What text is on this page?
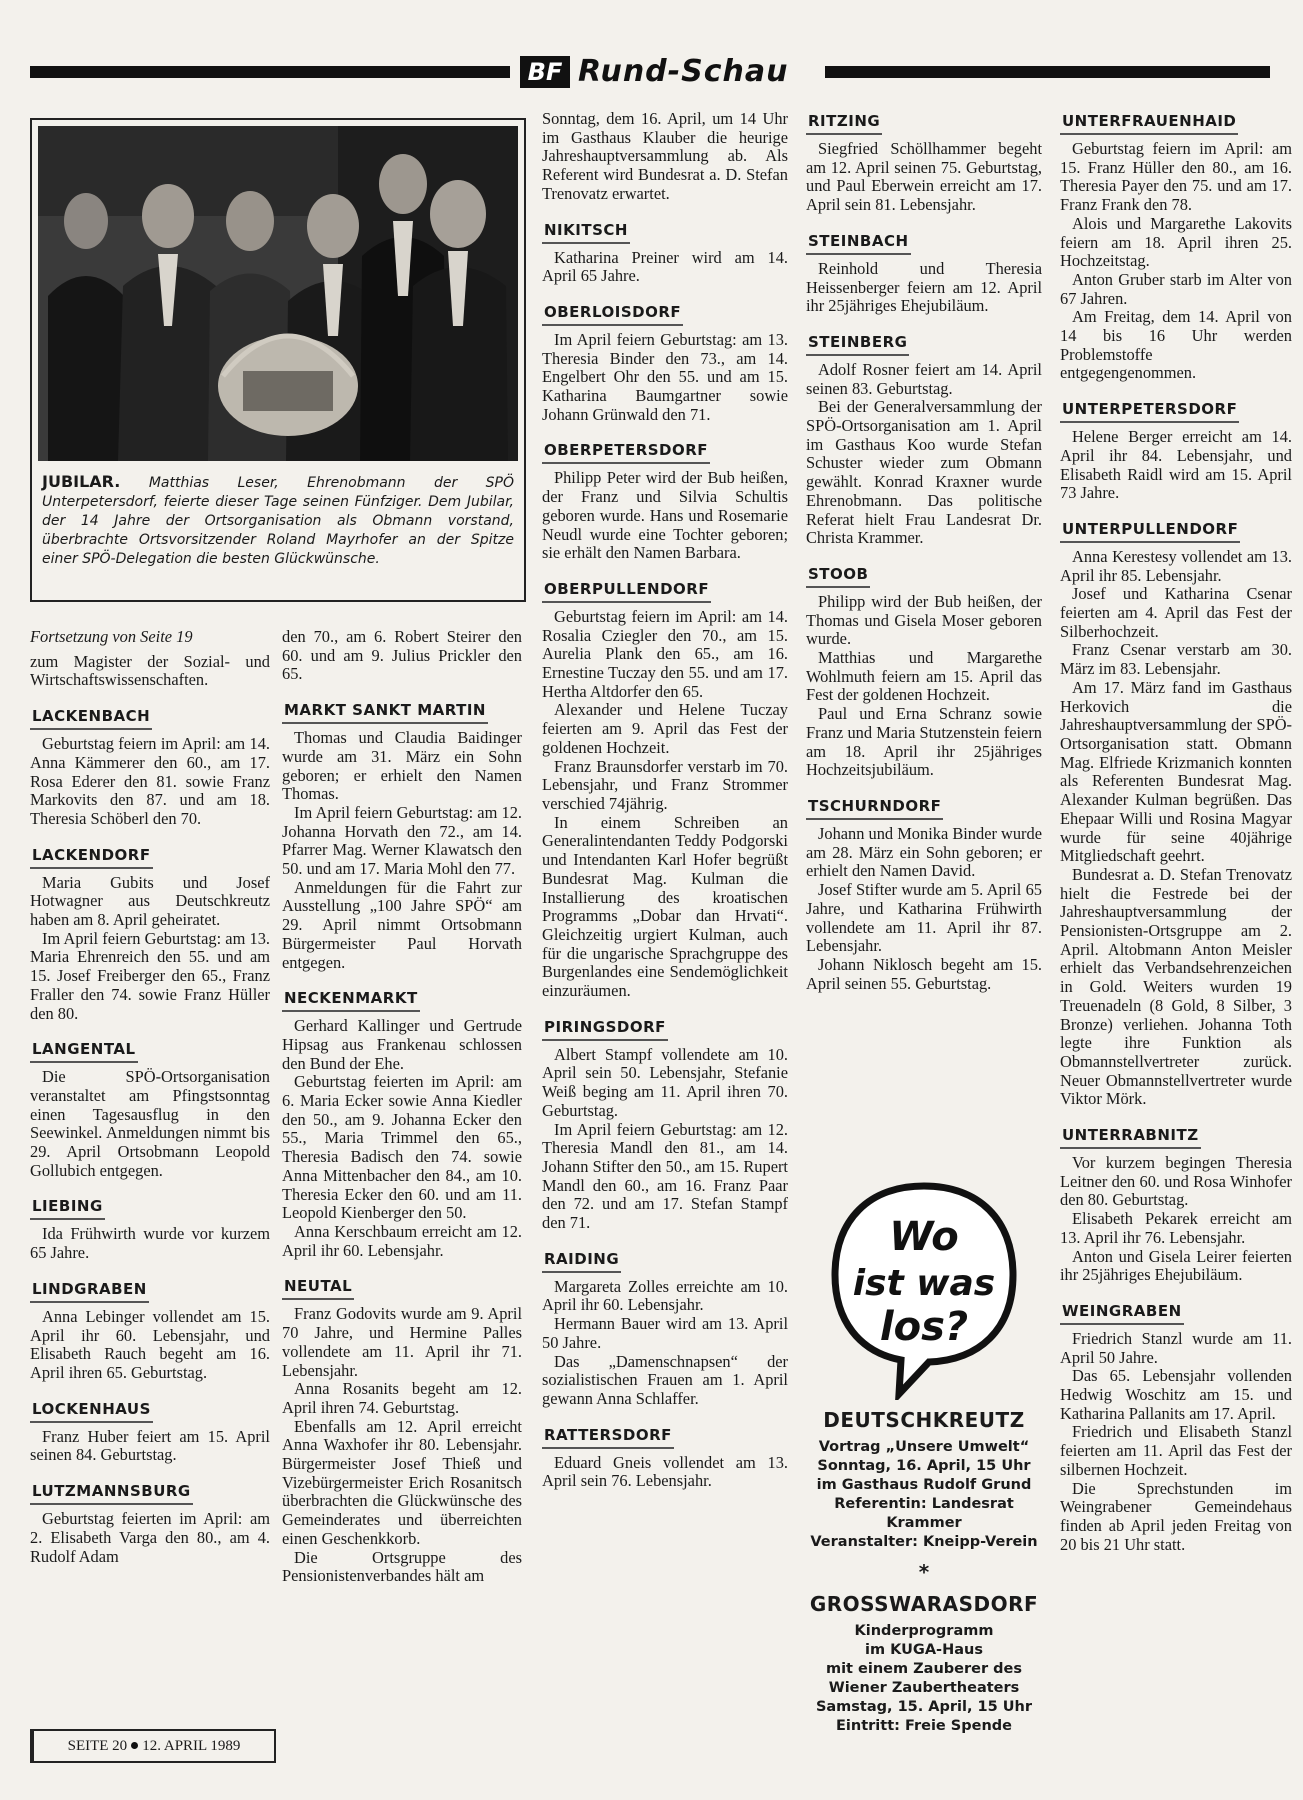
BF Rund-Schau
JUBILAR. Matthias Leser, Ehrenobmann der SPÖ Unterpetersdorf, feierte dieser Tage seinen Fünfziger. Dem Jubilar, der 14 Jahre der Ortsorganisation als Obmann vorstand, überbrachte Ortsvorsitzender Roland Mayrhofer an der Spitze einer SPÖ-Delegation die besten Glückwünsche.

Fortsetzung von Seite 19

zum Magister der Sozial- und Wirtschaftswissenschaften.

LACKENBACH

Geburtstag feiern im April: am 14. Anna Kämmerer den 60., am 17. Rosa Ederer den 81. sowie Franz Markovits den 87. und am 18. Theresia Schöberl den 70.

LACKENDORF

Maria Gubits und Josef Hotwagner aus Deutschkreutz haben am 8. April geheiratet.

Im April feiern Geburtstag: am 13. Maria Ehrenreich den 55. und am 15. Josef Freiberger den 65., Franz Fraller den 74. sowie Franz Hüller den 80.

LANGENTAL

Die SPÖ-Ortsorganisation veranstaltet am Pfingstsonntag einen Tagesausflug in den Seewinkel. Anmeldungen nimmt bis 29. April Ortsobmann Leopold Gollubich entgegen.

LIEBING

Ida Frühwirth wurde vor kurzem 65 Jahre.

LINDGRABEN

Anna Lebinger vollendet am 15. April ihr 60. Lebensjahr, und Elisabeth Rauch begeht am 16. April ihren 65. Geburtstag.

LOCKENHAUS

Franz Huber feiert am 15. April seinen 84. Geburtstag.

LUTZMANNSBURG

Geburtstag feierten im April: am 2. Elisabeth Varga den 80., am 4. Rudolf Adam

SEITE 20 12. APRIL 1989

den 70., am 6. Robert Steirer den 60. und am 9. Julius Prickler den 65.

MARKT SANKT MARTIN

Thomas und Claudia Baidinger wurde am 31. März ein Sohn geboren; er erhielt den Namen Thomas.

Im April feiern Geburtstag: am 12. Johanna Horvath den 72., am 14. Pfarrer Mag. Werner Klawatsch den 50. und am 17. Maria Mohl den 77.

Anmeldungen für die Fahrt zur Ausstellung „100 Jahre SPÖ“ am 29. April nimmt Ortsobmann Bürgermeister Paul Horvath entgegen.

NECKENMARKT

Gerhard Kallinger und Gertrude Hipsag aus Frankenau schlossen den Bund der Ehe.

Geburtstag feierten im April: am 6. Maria Ecker sowie Anna Kiedler den 50., am 9. Johanna Ecker den 55., Maria Trimmel den 65., Theresia Badisch den 74. sowie Anna Mittenbacher den 84., am 10. Theresia Ecker den 60. und am 11. Leopold Kienberger den 50.

Anna Kerschbaum erreicht am 12. April ihr 60. Lebensjahr.

NEUTAL

Franz Godovits wurde am 9. April 70 Jahre, und Hermine Palles vollendete am 11. April ihr 71. Lebensjahr.

Anna Rosanits begeht am 12. April ihren 74. Geburtstag.

Ebenfalls am 12. April erreicht Anna Waxhofer ihr 80. Lebensjahr. Bürgermeister Josef Thieß und Vizebürgermeister Erich Rosanitsch überbrachten die Glückwünsche des Gemeinderates und überreichten einen Geschenkkorb.

Die Ortsgruppe des Pensionistenverbandes hält am

Sonntag, dem 16. April, um 14 Uhr im Gasthaus Klauber die heurige Jahreshauptversammlung ab. Als Referent wird Bundesrat a. D. Stefan Trenovatz erwartet.

NIKITSCH

Katharina Preiner wird am 14. April 65 Jahre.

OBERLOISDORF

Im April feiern Geburtstag: am 13. Theresia Binder den 73., am 14. Engelbert Ohr den 55. und am 15. Katharina Baumgartner sowie Johann Grünwald den 71.

OBERPETERSDORF

Philipp Peter wird der Bub heißen, der Franz und Silvia Schultis geboren wurde. Hans und Rosemarie Neudl wurde eine Tochter geboren; sie erhält den Namen Barbara.

OBERPULLENDORF

Geburtstag feiern im April: am 14. Rosalia Cziegler den 70., am 15. Aurelia Plank den 65., am 16. Ernestine Tuczay den 55. und am 17. Hertha Altdorfer den 65.

Alexander und Helene Tuczay feierten am 9. April das Fest der goldenen Hochzeit.

Franz Braunsdorfer verstarb im 70. Lebensjahr, und Franz Strommer verschied 74jährig.

In einem Schreiben an Generalintendanten Teddy Podgorski und Intendanten Karl Hofer begrüßt Bundesrat Mag. Kulman die Installierung des kroatischen Programms „Dobar dan Hrvati“. Gleichzeitig urgiert Kulman, auch für die ungarische Sprachgruppe des Burgenlandes eine Sendemöglichkeit einzuräumen.

PIRINGSDORF

Albert Stampf vollendete am 10. April sein 50. Lebensjahr, Stefanie Weiß beging am 11. April ihren 70. Geburtstag.

Im April feiern Geburtstag: am 12. Theresia Mandl den 81., am 14. Johann Stifter den 50., am 15. Rupert Mandl den 60., am 16. Franz Paar den 72. und am 17. Stefan Stampf den 71.

RAIDING

Margareta Zolles erreichte am 10. April ihr 60. Lebensjahr.

Hermann Bauer wird am 13. April 50 Jahre.

Das „Damenschnapsen“ der sozialistischen Frauen am 1. April gewann Anna Schlaffer.

RATTERSDORF

Eduard Gneis vollendet am 13. April sein 76. Lebensjahr.

RITZING

Siegfried Schöllhammer begeht am 12. April seinen 75. Geburtstag, und Paul Eberwein erreicht am 17. April sein 81. Lebensjahr.

STEINBACH

Reinhold und Theresia Heissenberger feiern am 12. April ihr 25jähriges Ehejubiläum.

STEINBERG

Adolf Rosner feiert am 14. April seinen 83. Geburtstag.

Bei der Generalversammlung der SPÖ-Ortsorganisation am 1. April im Gasthaus Koo wurde Stefan Schuster wieder zum Obmann gewählt. Konrad Kraxner wurde Ehrenobmann. Das politische Referat hielt Frau Landesrat Dr. Christa Krammer.

STOOB

Philipp wird der Bub heißen, der Thomas und Gisela Moser geboren wurde.

Matthias und Margarethe Wohlmuth feiern am 15. April das Fest der goldenen Hochzeit.

Paul und Erna Schranz sowie Franz und Maria Stutzenstein feiern am 18. April ihr 25jähriges Hochzeitsjubiläum.

TSCHURNDORF

Johann und Monika Binder wurde am 28. März ein Sohn geboren; er erhielt den Namen David.

Josef Stifter wurde am 5. April 65 Jahre, und Katharina Frühwirth vollendete am 11. April ihr 87. Lebensjahr.

Johann Niklosch begeht am 15. April seinen 55. Geburtstag.

Wo
ist was
los?
DEUTSCHKREUTZ
Vortrag „Unsere Umwelt“
Sonntag, 16. April, 15 Uhr
im Gasthaus Rudolf Grund
Referentin: Landesrat Krammer
Veranstalter: Kneipp-Verein
*
GROSSWARASDORF
Kinderprogramm
im KUGA-Haus
mit einem Zauberer des
Wiener Zaubertheaters
Samstag, 15. April, 15 Uhr
Eintritt: Freie Spende
UNTERFRAUENHAID

Geburtstag feiern im April: am 15. Franz Hüller den 80., am 16. Theresia Payer den 75. und am 17. Franz Frank den 78.

Alois und Margarethe Lakovits feiern am 18. April ihren 25. Hochzeitstag.

Anton Gruber starb im Alter von 67 Jahren.

Am Freitag, dem 14. April von 14 bis 16 Uhr werden Problemstoffe entgegengenommen.

UNTERPETERSDORF

Helene Berger erreicht am 14. April ihr 84. Lebensjahr, und Elisabeth Raidl wird am 15. April 73 Jahre.

UNTERPULLENDORF

Anna Kerestesy vollendet am 13. April ihr 85. Lebensjahr.

Josef und Katharina Csenar feierten am 4. April das Fest der Silberhochzeit.

Franz Csenar verstarb am 30. März im 83. Lebensjahr.

Am 17. März fand im Gasthaus Herkovich die Jahreshauptversammlung der SPÖ-Ortsorganisation statt. Obmann Mag. Elfriede Krizmanich konnten als Referenten Bundesrat Mag. Alexander Kulman begrüßen. Das Ehepaar Willi und Rosina Magyar wurde für seine 40jährige Mitgliedschaft geehrt.

Bundesrat a. D. Stefan Trenovatz hielt die Festrede bei der Jahreshauptversammlung der Pensionisten-Ortsgruppe am 2. April. Altobmann Anton Meisler erhielt das Verbandsehrenzeichen in Gold. Weiters wurden 19 Treuenadeln (8 Gold, 8 Silber, 3 Bronze) verliehen. Johanna Toth legte ihre Funktion als Obmannstellvertreter zurück. Neuer Obmannstellvertreter wurde Viktor Mörk.

UNTERRABNITZ

Vor kurzem begingen Theresia Leitner den 60. und Rosa Winhofer den 80. Geburtstag.

Elisabeth Pekarek erreicht am 13. April ihr 76. Lebensjahr.

Anton und Gisela Leirer feierten ihr 25jähriges Ehejubiläum.

WEINGRABEN

Friedrich Stanzl wurde am 11. April 50 Jahre.

Das 65. Lebensjahr vollenden Hedwig Woschitz am 15. und Katharina Pallanits am 17. April.

Friedrich und Elisabeth Stanzl feierten am 11. April das Fest der silbernen Hochzeit.

Die Sprechstunden im Weingrabener Gemeindehaus finden ab April jeden Freitag von 20 bis 21 Uhr statt.
